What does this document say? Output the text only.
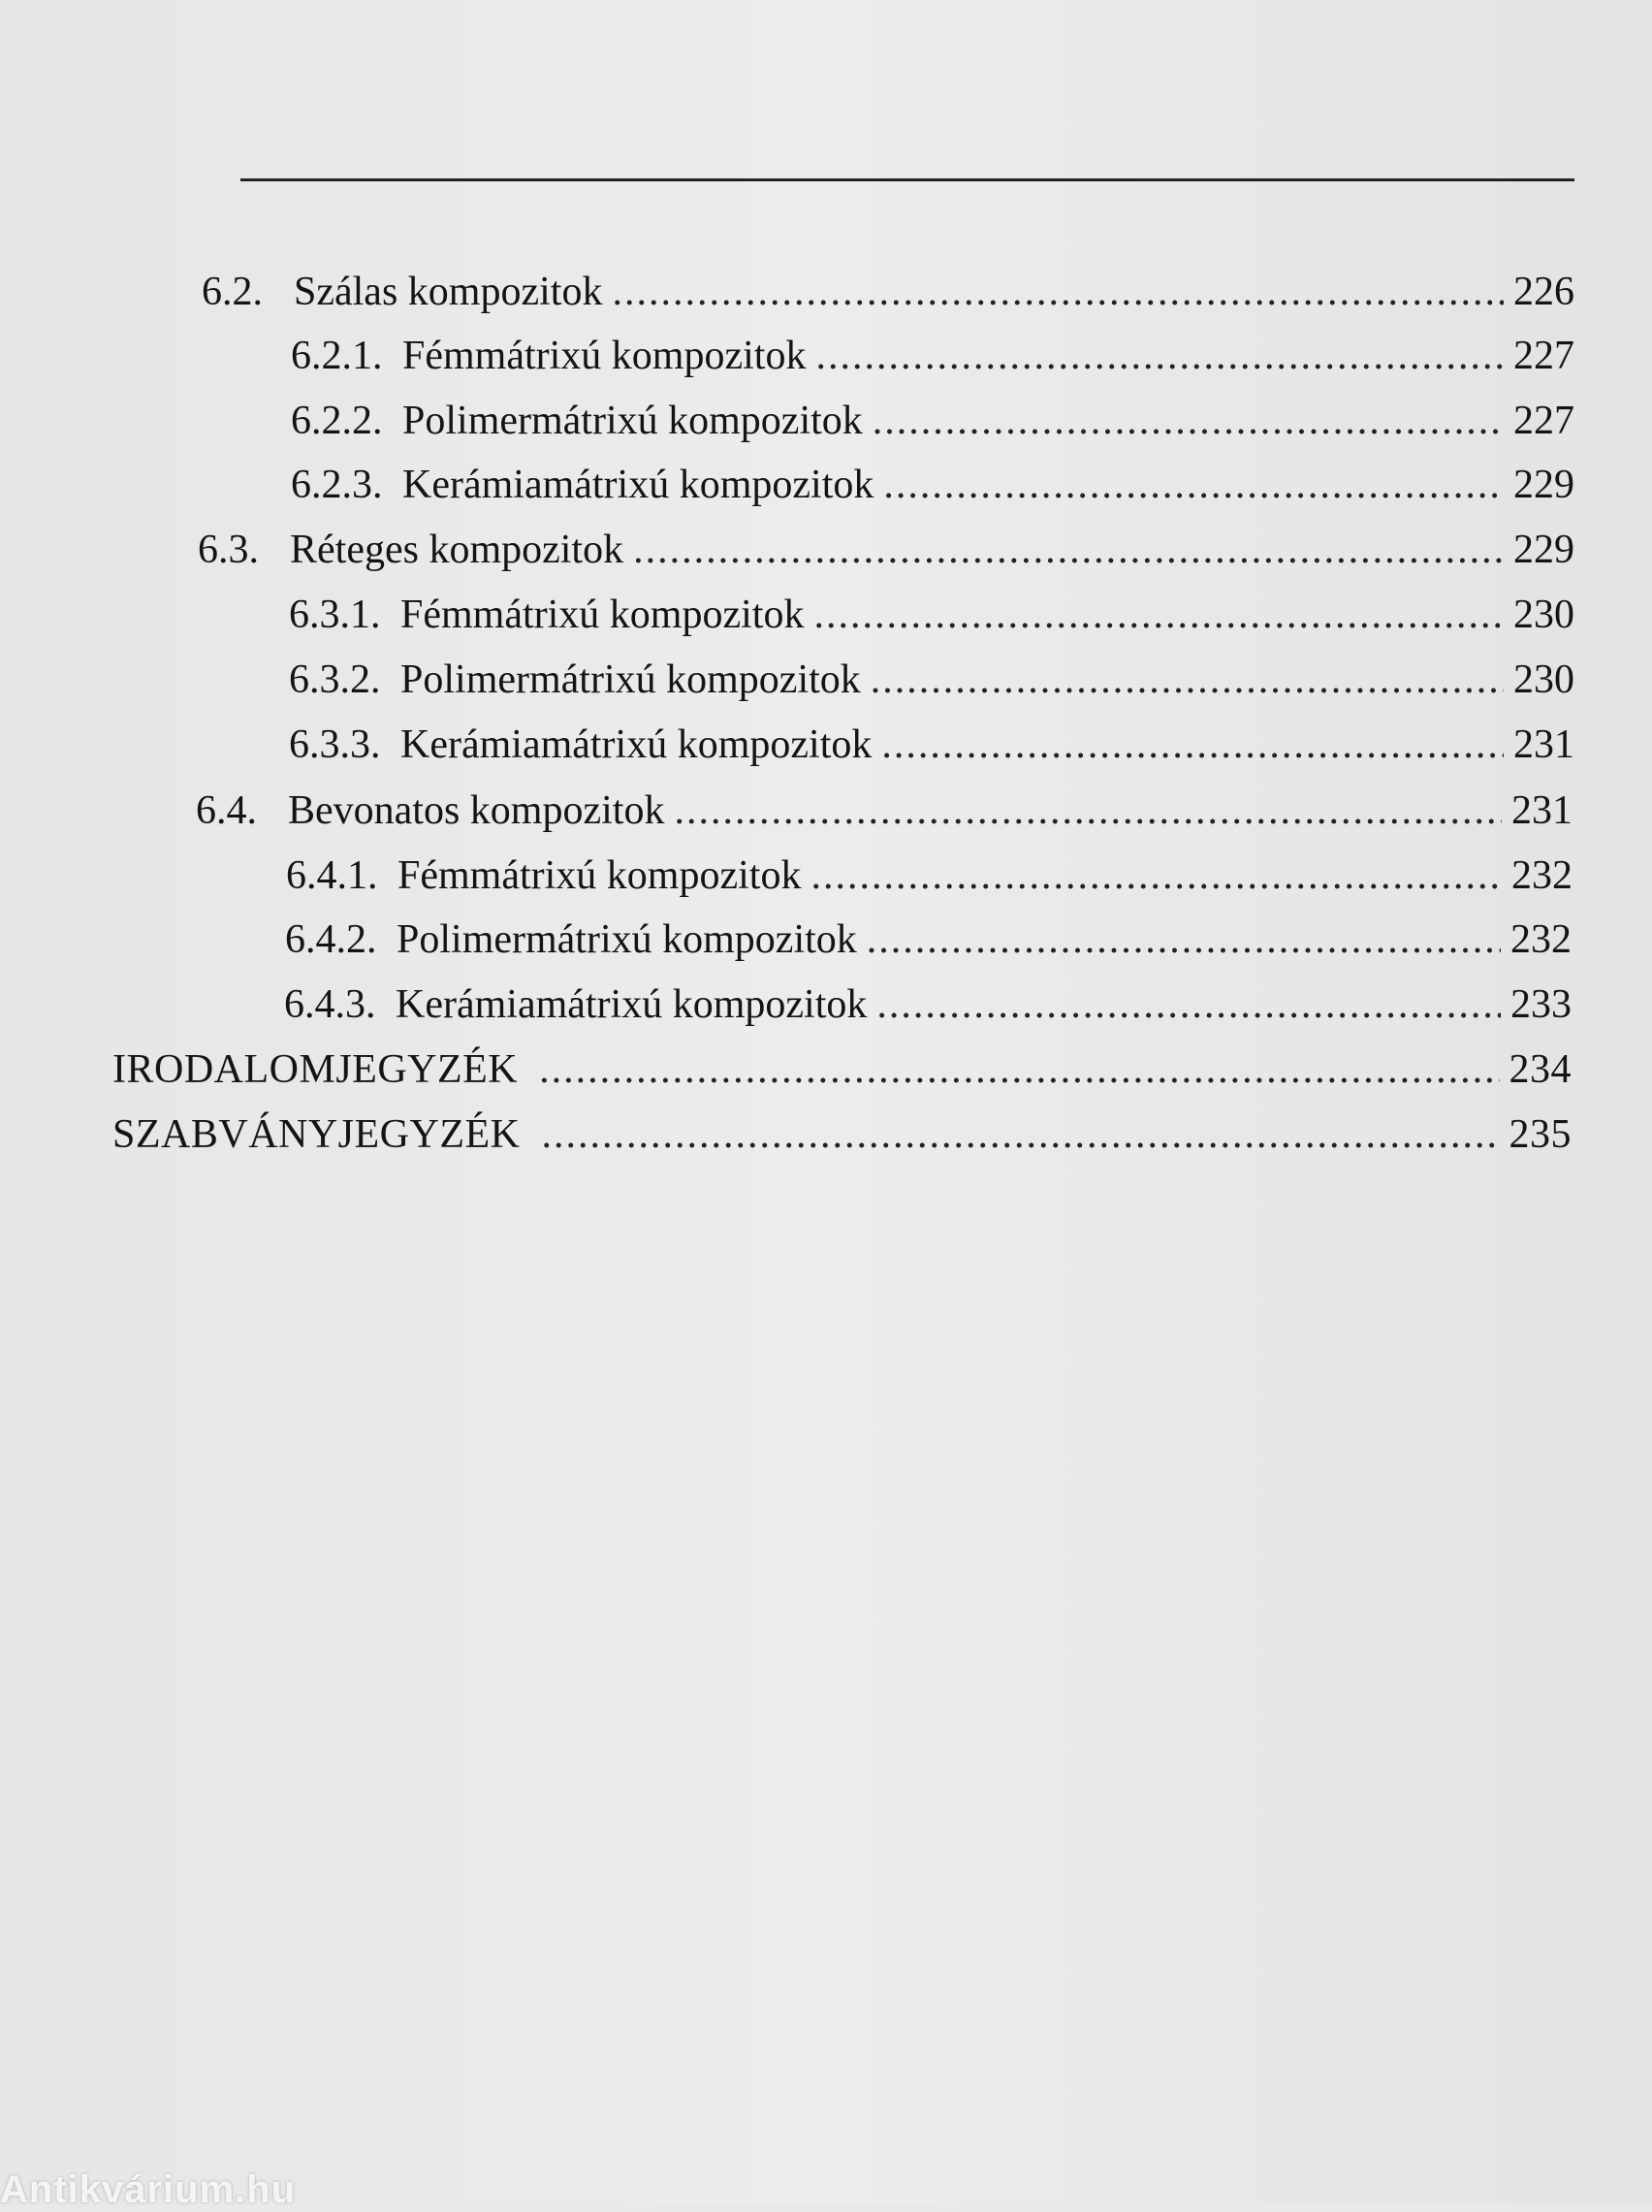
6.2. Szálas kompozitok .....	226
6.2.1. Fémmátrixú kompozitok .....	227
6.2.2. Polimermátrixú kompozitok .....	227
6.2.3. Kerámiamátrixú kompozitok .....	229
6.3. Réteges kompozitok .....	229
6.3.1. Fémmátrixú kompozitok .....	230
6.3.2. Polimermátrixú kompozitok .....	230
6.3.3. Kerámiamátrixú kompozitok .....	231
6.4. Bevonatos kompozitok .....	231
6.4.1. Fémmátrixú kompozitok .....	232
6.4.2. Polimermátrixú kompozitok .....	232
6.4.3. Kerámiamátrixú kompozitok .....	233
IRODALOMJEGYZÉK .....	234
SZABVÁNYJEGYZÉK .....	235
Antikvárium.hu
